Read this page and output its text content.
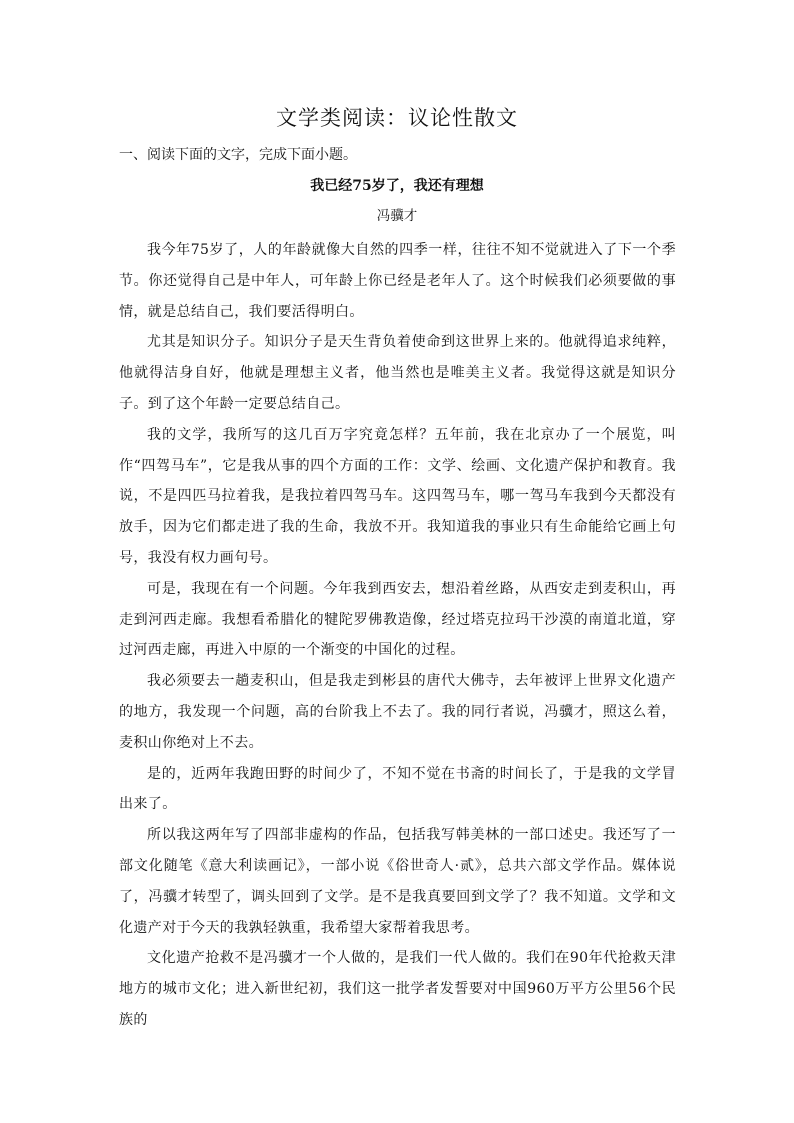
文学类阅读：议论性散文
一、阅读下面的文字，完成下面小题。
我已经75岁了，我还有理想
冯骥才

我今年75岁了，人的年龄就像大自然的四季一样，往往不知不觉就进入了下一个季节。你还觉得自己是中年人，可年龄上你已经是老年人了。这个时候我们必须要做的事情，就是总结自己，我们要活得明白。

尤其是知识分子。知识分子是天生背负着使命到这世界上来的。他就得追求纯粹，他就得洁身自好，他就是理想主义者，他当然也是唯美主义者。我觉得这就是知识分子。到了这个年龄一定要总结自己。

我的文学，我所写的这几百万字究竟怎样？五年前，我在北京办了一个展览，叫作“四驾马车”，它是我从事的四个方面的工作：文学、绘画、文化遗产保护和教育。我说，不是四匹马拉着我，是我拉着四驾马车。这四驾马车，哪一驾马车我到今天都没有放手，因为它们都走进了我的生命，我放不开。我知道我的事业只有生命能给它画上句号，我没有权力画句号。

可是，我现在有一个问题。今年我到西安去，想沿着丝路，从西安走到麦积山，再走到河西走廊。我想看希腊化的犍陀罗佛教造像，经过塔克拉玛干沙漠的南道北道，穿过河西走廊，再进入中原的一个渐变的中国化的过程。

我必须要去一趟麦积山，但是我走到彬县的唐代大佛寺，去年被评上世界文化遗产的地方，我发现一个问题，高的台阶我上不去了。我的同行者说，冯骥才，照这么着，麦积山你绝对上不去。

是的，近两年我跑田野的时间少了，不知不觉在书斋的时间长了，于是我的文学冒出来了。

所以我这两年写了四部非虚构的作品，包括我写韩美林的一部口述史。我还写了一部文化随笔《意大利读画记》，一部小说《俗世奇人·贰》，总共六部文学作品。媒体说了，冯骥才转型了，调头回到了文学。是不是我真要回到文学了？我不知道。文学和文化遗产对于今天的我孰轻孰重，我希望大家帮着我思考。

文化遗产抢救不是冯骥才一个人做的，是我们一代人做的。我们在90年代抢救天津地方的城市文化；进入新世纪初，我们这一批学者发誓要对中国960万平方公里56个民族的
